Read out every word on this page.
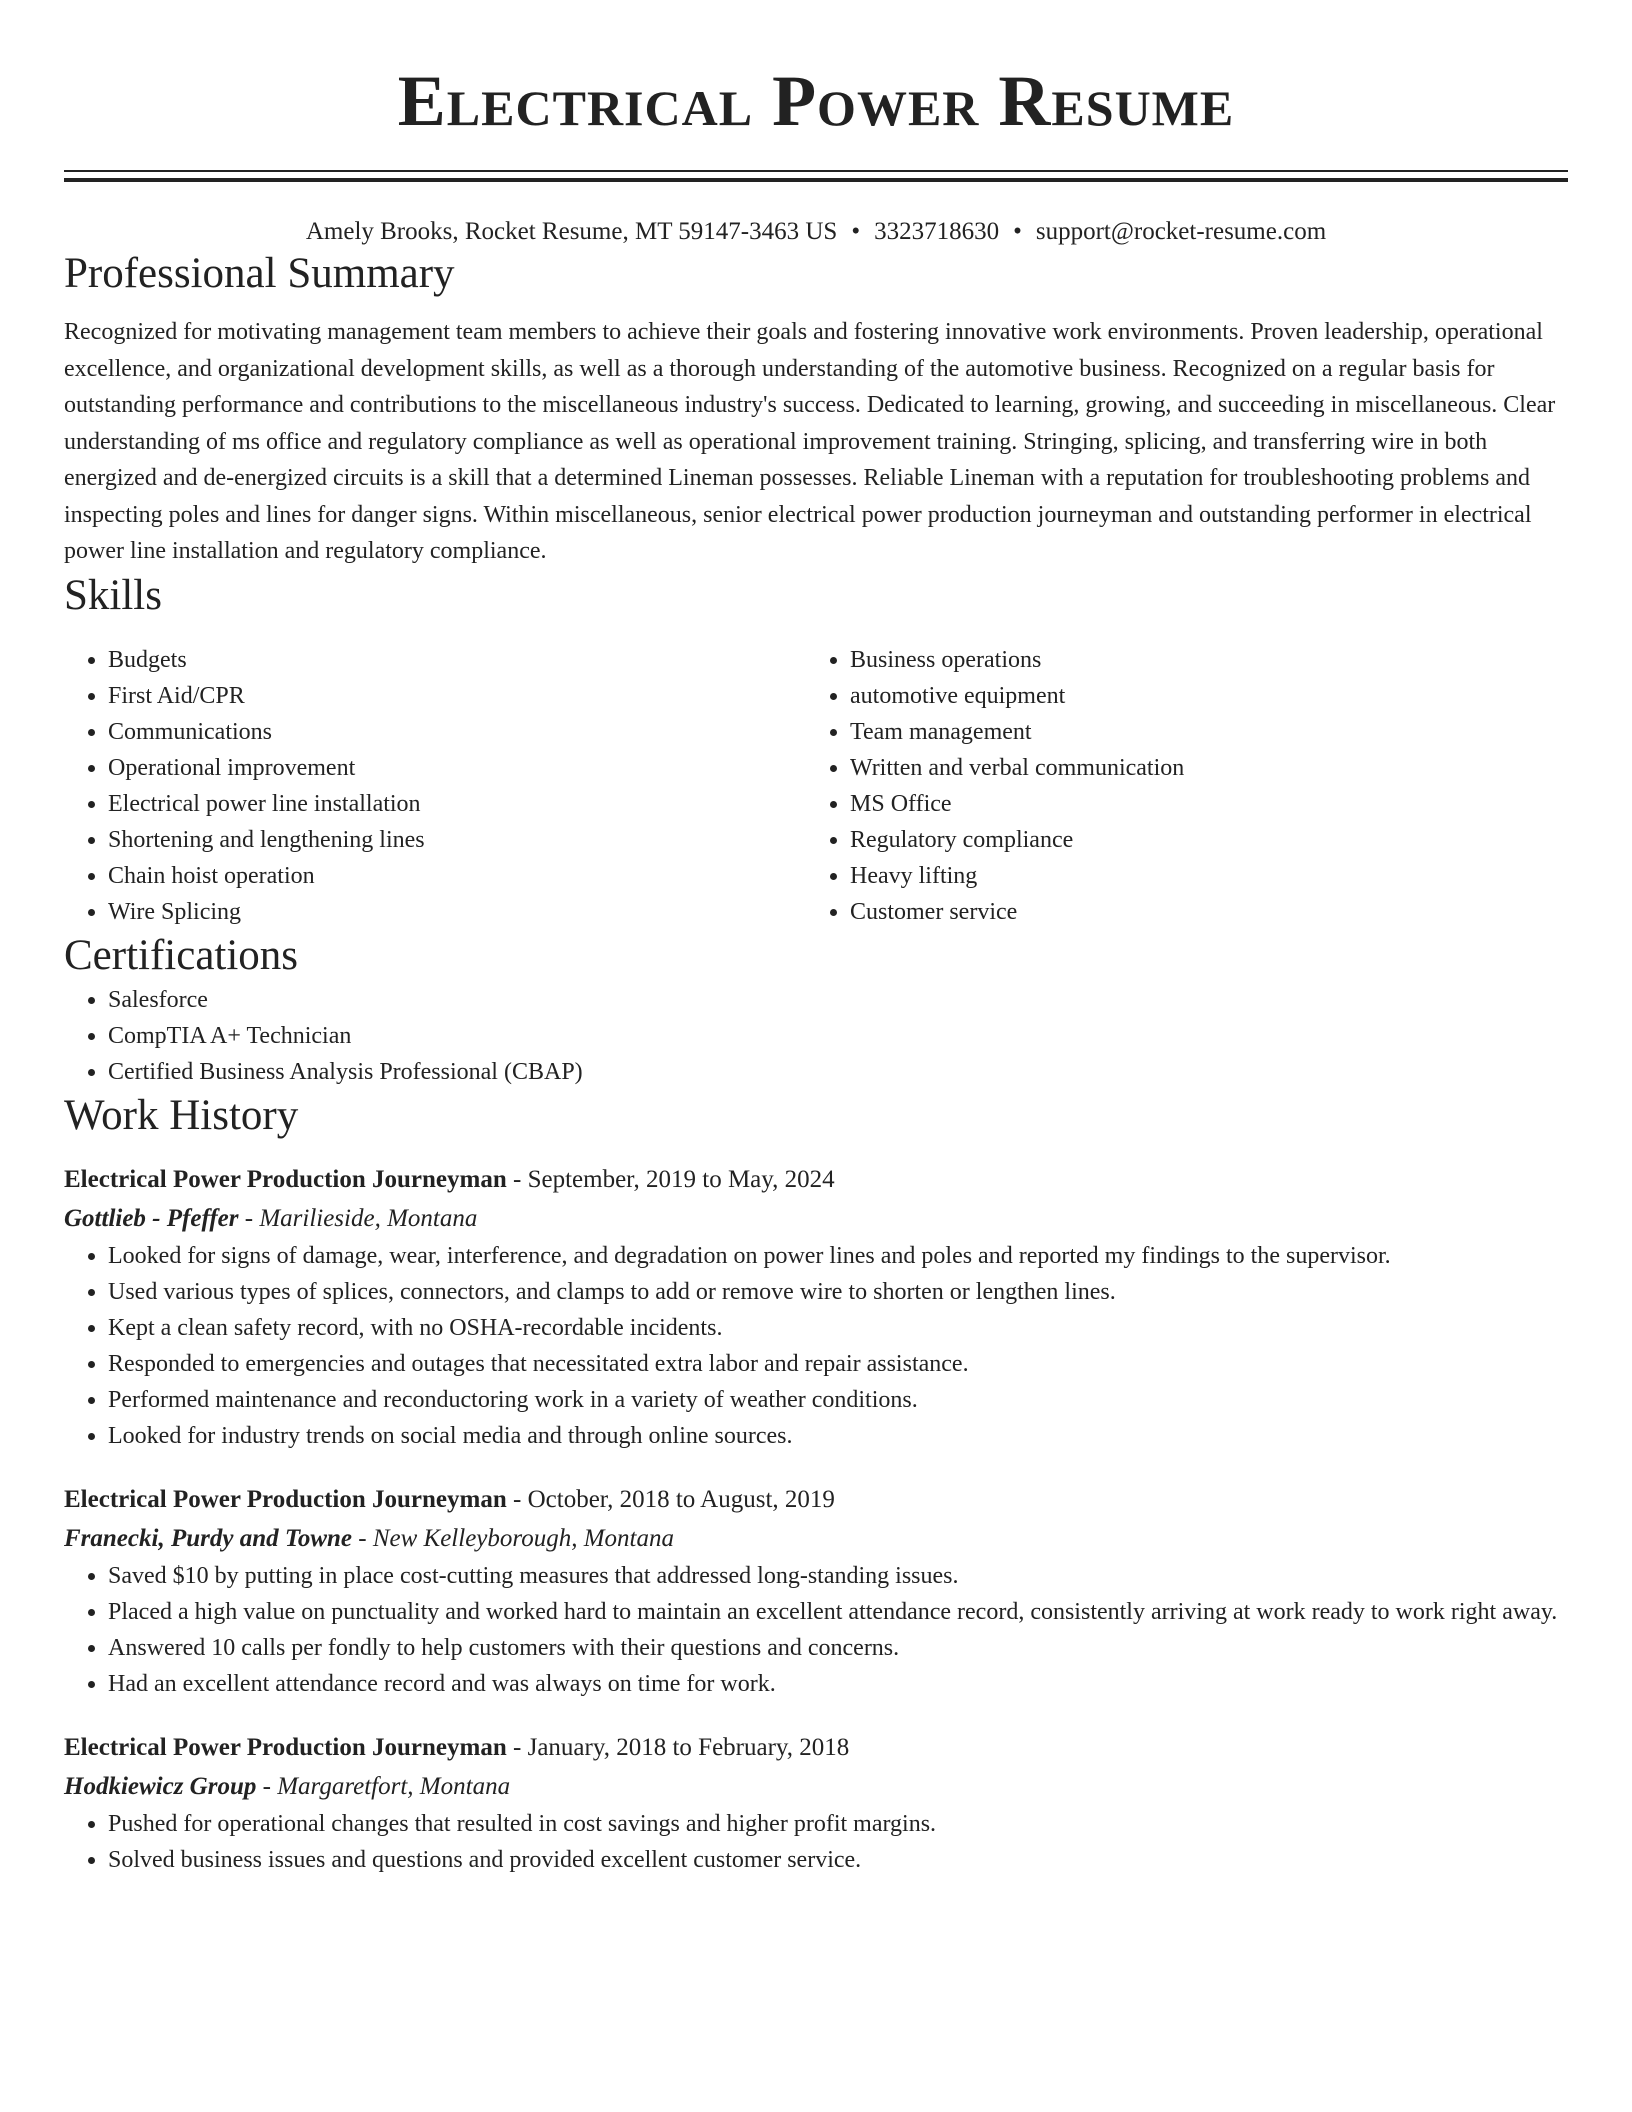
Electrical Power Resume
Amely Brooks, Rocket Resume, MT 59147-3463 US • 3323718630 • support@rocket-resume.com
Professional Summary

Recognized for motivating management team members to achieve their goals and fostering innovative work environments. Proven leadership, operational excellence, and organizational development skills, as well as a thorough understanding of the automotive business. Recognized on a regular basis for outstanding performance and contributions to the miscellaneous industry's success. Dedicated to learning, growing, and succeeding in miscellaneous. Clear understanding of ms office and regulatory compliance as well as operational improvement training. Stringing, splicing, and transferring wire in both energized and de-energized circuits is a skill that a determined Lineman possesses. Reliable Lineman with a reputation for troubleshooting problems and inspecting poles and lines for danger signs. Within miscellaneous, senior electrical power production journeyman and outstanding performer in electrical power line installation and regulatory compliance.

Skills
• Budgets
• First Aid/CPR
• Communications
• Operational improvement
• Electrical power line installation
• Shortening and lengthening lines
• Chain hoist operation
• Wire Splicing
• Business operations
• automotive equipment
• Team management
• Written and verbal communication
• MS Office
• Regulatory compliance
• Heavy lifting
• Customer service
Certifications
• Salesforce
• CompTIA A+ Technician
• Certified Business Analysis Professional (CBAP)
Work History
Electrical Power Production Journeyman - September, 2019 to May, 2024
Gottlieb - Pfeffer - Marilieside, Montana
• Looked for signs of damage, wear, interference, and degradation on power lines and poles and reported my findings to the supervisor.
• Used various types of splices, connectors, and clamps to add or remove wire to shorten or lengthen lines.
• Kept a clean safety record, with no OSHA-recordable incidents.
• Responded to emergencies and outages that necessitated extra labor and repair assistance.
• Performed maintenance and reconductoring work in a variety of weather conditions.
• Looked for industry trends on social media and through online sources.
Electrical Power Production Journeyman - October, 2018 to August, 2019
Franecki, Purdy and Towne - New Kelleyborough, Montana
• Saved $10 by putting in place cost-cutting measures that addressed long-standing issues.
• Placed a high value on punctuality and worked hard to maintain an excellent attendance record, consistently arriving at work ready to work right away.
• Answered 10 calls per fondly to help customers with their questions and concerns.
• Had an excellent attendance record and was always on time for work.
Electrical Power Production Journeyman - January, 2018 to February, 2018
Hodkiewicz Group - Margaretfort, Montana
• Pushed for operational changes that resulted in cost savings and higher profit margins.
• Solved business issues and questions and provided excellent customer service.
